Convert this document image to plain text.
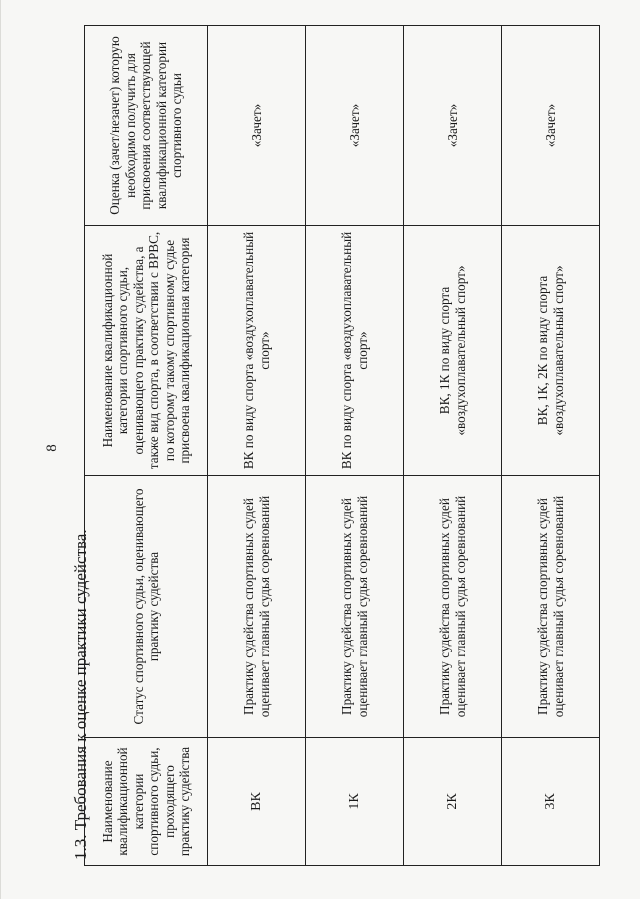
8
1.3. Требования к оценке практики судейства. Наименование квалификационной категории спортивного судьи, проходящего практику судейства	Статус спортивного судьи, оценивающего практику судейства	Наименование квалификационной категории спортивного судьи, оценивающего практику судейства, а также вид спорта, в соответствии с ВРВС, по которому такому спортивному судье присвоена квалификационная категория	Оценка (зачет/незачет) которую необходимо получить для присвоения соответствующей квалификационной категории спортивного судьи
ВК	Практику судейства спортивных судей оценивает главный судья соревнований	ВК по виду спорта «воздухоплавательный спорт»	«Зачет»
1К	Практику судейства спортивных судей оценивает главный судья соревнований	ВК по виду спорта «воздухоплавательный спорт»	«Зачет»
2К	Практику судейства спортивных судей оценивает главный судья соревнований	ВК, 1К по виду спорта «воздухоплавательный спорт»	«Зачет»
3К	Практику судейства спортивных судей оценивает главный судья соревнований	ВК, 1К, 2К по виду спорта «воздухоплавательный спорт»	«Зачет»
